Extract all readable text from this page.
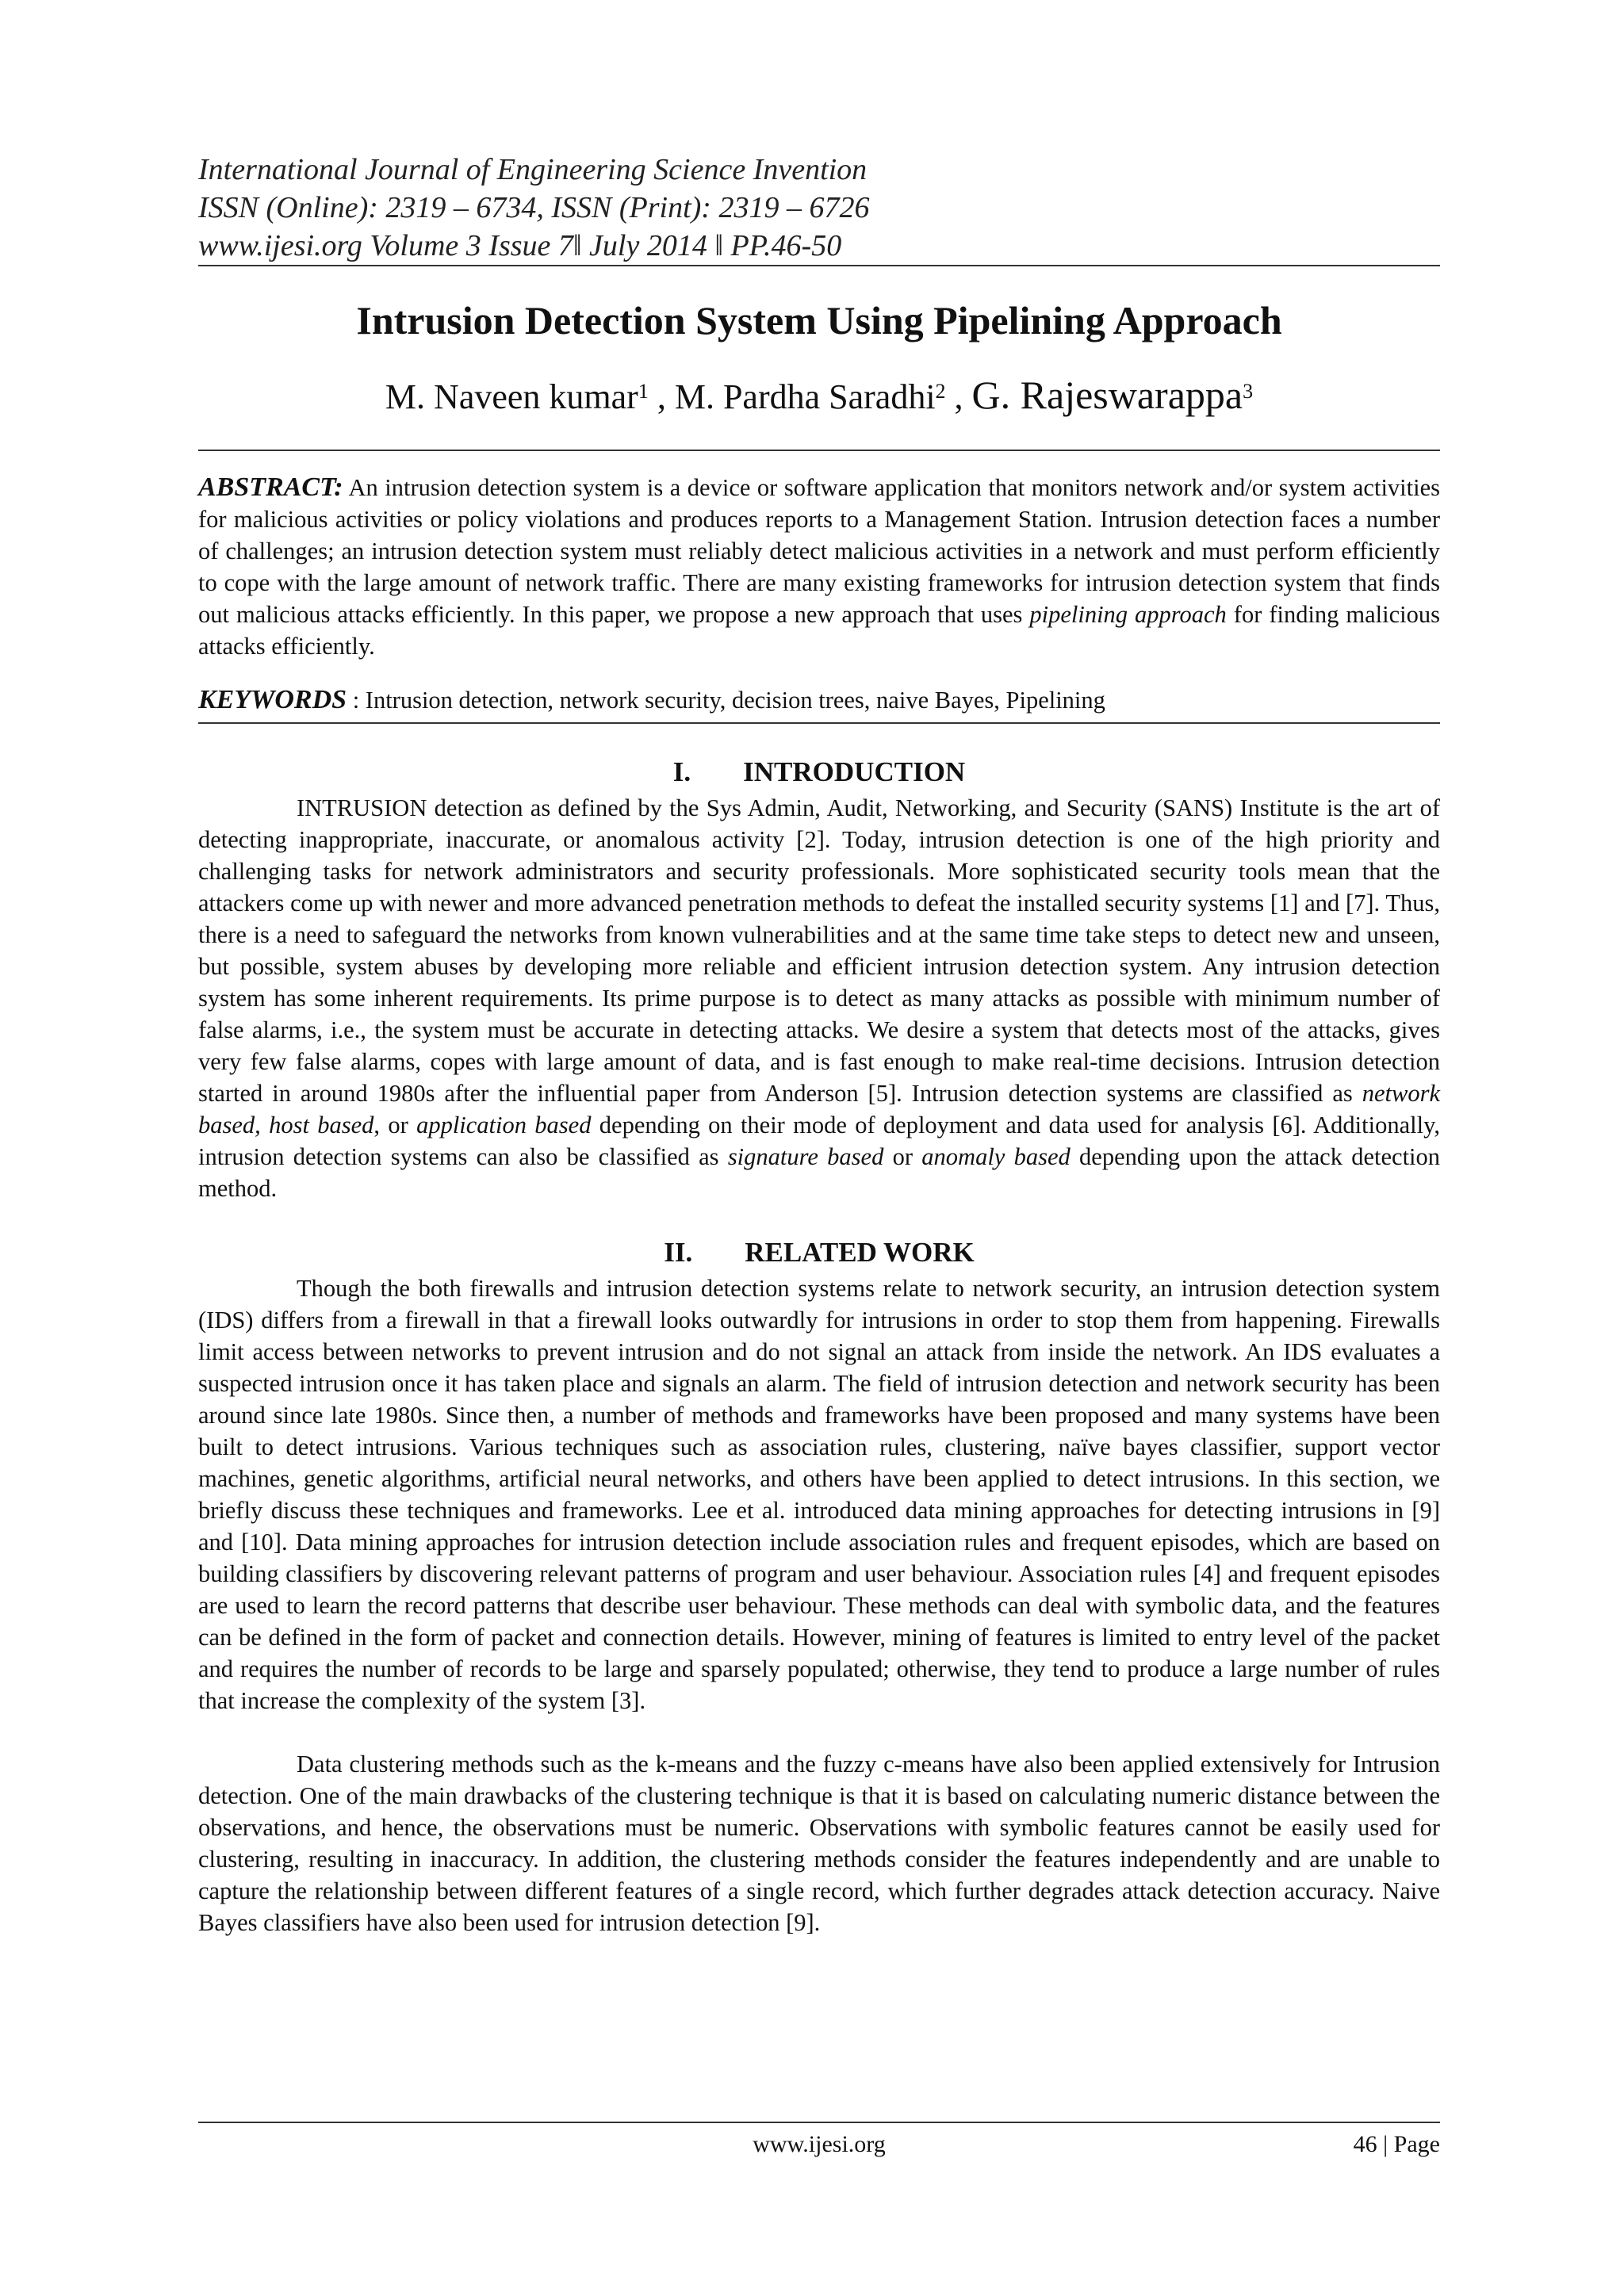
International Journal of Engineering Science Invention
ISSN (Online): 2319 – 6734, ISSN (Print): 2319 – 6726
www.ijesi.org Volume 3 Issue 7ǁ July 2014 ǁ PP.46-50
Intrusion Detection System Using Pipelining Approach
M. Naveen kumar$^1$ , M. Pardha Saradhi$^2$ , G. Rajeswarappa$^3$
ABSTRACT: An intrusion detection system is a device or software application that monitors network and/or system activities for malicious activities or policy violations and produces reports to a Management Station. Intrusion detection faces a number of challenges; an intrusion detection system must reliably detect malicious activities in a network and must perform efficiently to cope with the large amount of network traffic. There are many existing frameworks for intrusion detection system that finds out malicious attacks efficiently. In this paper, we propose a new approach that uses pipelining approach for finding malicious attacks efficiently.
KEYWORDS : Intrusion detection, network security, decision trees, naive Bayes, Pipelining
I. INTRODUCTION

INTRUSION detection as defined by the Sys Admin, Audit, Networking, and Security (SANS) Institute is the art of detecting inappropriate, inaccurate, or anomalous activity [2]. Today, intrusion detection is one of the high priority and challenging tasks for network administrators and security professionals. More sophisticated security tools mean that the attackers come up with newer and more advanced penetration methods to defeat the installed security systems [1] and [7]. Thus, there is a need to safeguard the networks from known vulnerabilities and at the same time take steps to detect new and unseen, but possible, system abuses by developing more reliable and efficient intrusion detection system. Any intrusion detection system has some inherent requirements. Its prime purpose is to detect as many attacks as possible with minimum number of false alarms, i.e., the system must be accurate in detecting attacks. We desire a system that detects most of the attacks, gives very few false alarms, copes with large amount of data, and is fast enough to make real-time decisions. Intrusion detection started in around 1980s after the influential paper from Anderson [5]. Intrusion detection systems are classified as network based, host based, or application based depending on their mode of deployment and data used for analysis [6]. Additionally, intrusion detection systems can also be classified as signature based or anomaly based depending upon the attack detection method.

II. RELATED WORK

Though the both firewalls and intrusion detection systems relate to network security, an intrusion detection system (IDS) differs from a firewall in that a firewall looks outwardly for intrusions in order to stop them from happening. Firewalls limit access between networks to prevent intrusion and do not signal an attack from inside the network. An IDS evaluates a suspected intrusion once it has taken place and signals an alarm. The field of intrusion detection and network security has been around since late 1980s. Since then, a number of methods and frameworks have been proposed and many systems have been built to detect intrusions. Various techniques such as association rules, clustering, naïve bayes classifier, support vector machines, genetic algorithms, artificial neural networks, and others have been applied to detect intrusions. In this section, we briefly discuss these techniques and frameworks. Lee et al. introduced data mining approaches for detecting intrusions in [9] and [10]. Data mining approaches for intrusion detection include association rules and frequent episodes, which are based on building classifiers by discovering relevant patterns of program and user behaviour. Association rules [4] and frequent episodes are used to learn the record patterns that describe user behaviour. These methods can deal with symbolic data, and the features can be defined in the form of packet and connection details. However, mining of features is limited to entry level of the packet and requires the number of records to be large and sparsely populated; otherwise, they tend to produce a large number of rules that increase the complexity of the system [3].

Data clustering methods such as the k-means and the fuzzy c-means have also been applied extensively for Intrusion detection. One of the main drawbacks of the clustering technique is that it is based on calculating numeric distance between the observations, and hence, the observations must be numeric. Observations with symbolic features cannot be easily used for clustering, resulting in inaccuracy. In addition, the clustering methods consider the features independently and are unable to capture the relationship between different features of a single record, which further degrades attack detection accuracy. Naive Bayes classifiers have also been used for intrusion detection [9].

www.ijesi.org	46 | Page
